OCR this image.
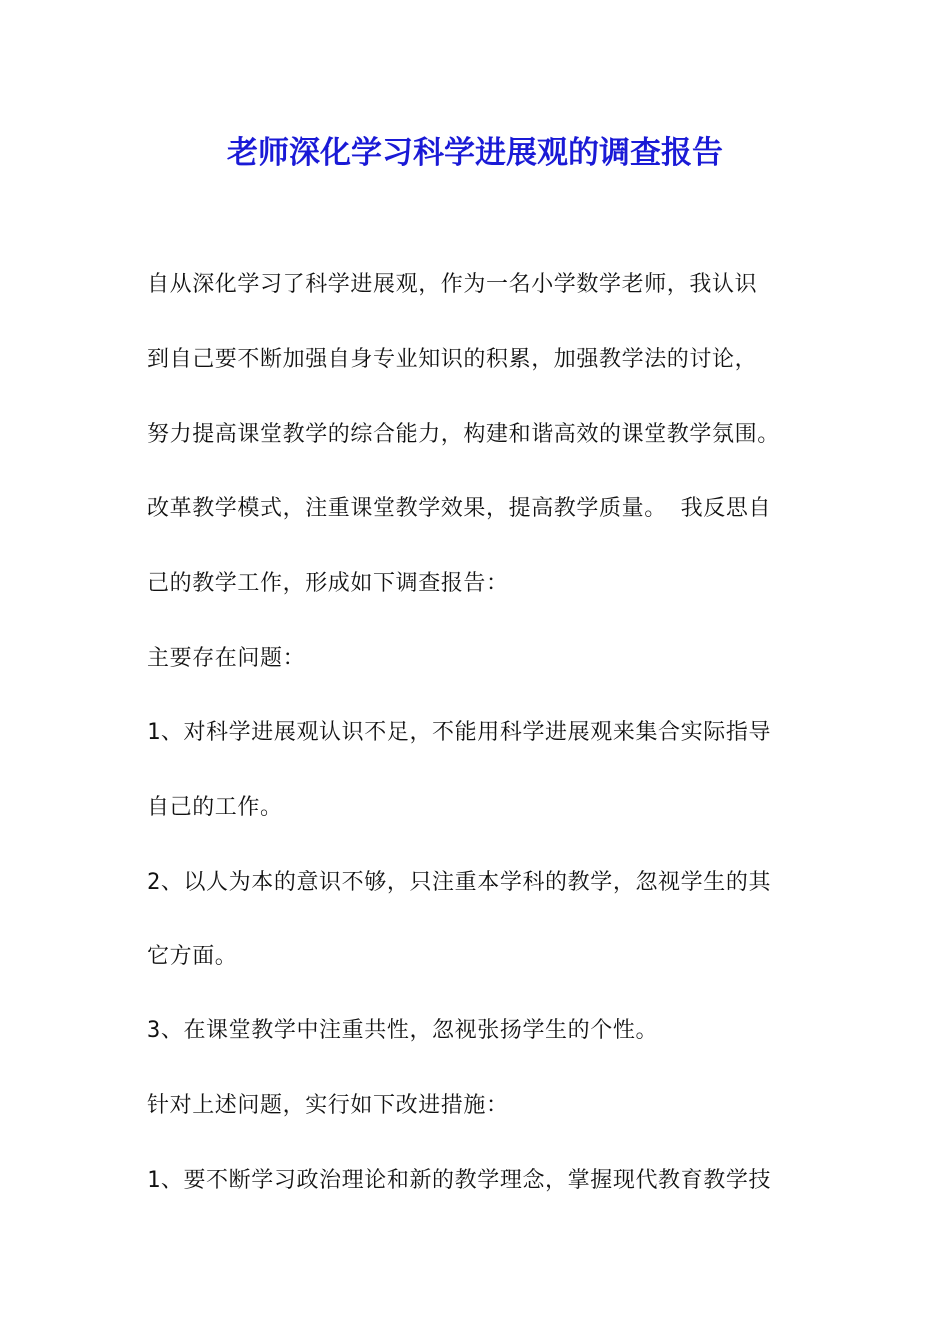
老师深化学习科学进展观的调查报告
自从深化学习了科学进展观，作为一名小学数学老师，我认识
到自己要不断加强自身专业知识的积累，加强教学法的讨论，
努力提高课堂教学的综合能力，构建和谐高效的课堂教学氛围。
改革教学模式，注重课堂教学效果，提高教学质量。 我反思自
己的教学工作，形成如下调查报告：
主要存在问题：
1、对科学进展观认识不足，不能用科学进展观来集合实际指导
自己的工作。
2、以人为本的意识不够，只注重本学科的教学，忽视学生的其
它方面。
3、在课堂教学中注重共性，忽视张扬学生的个性。
针对上述问题，实行如下改进措施：
1、要不断学习政治理论和新的教学理念，掌握现代教育教学技
